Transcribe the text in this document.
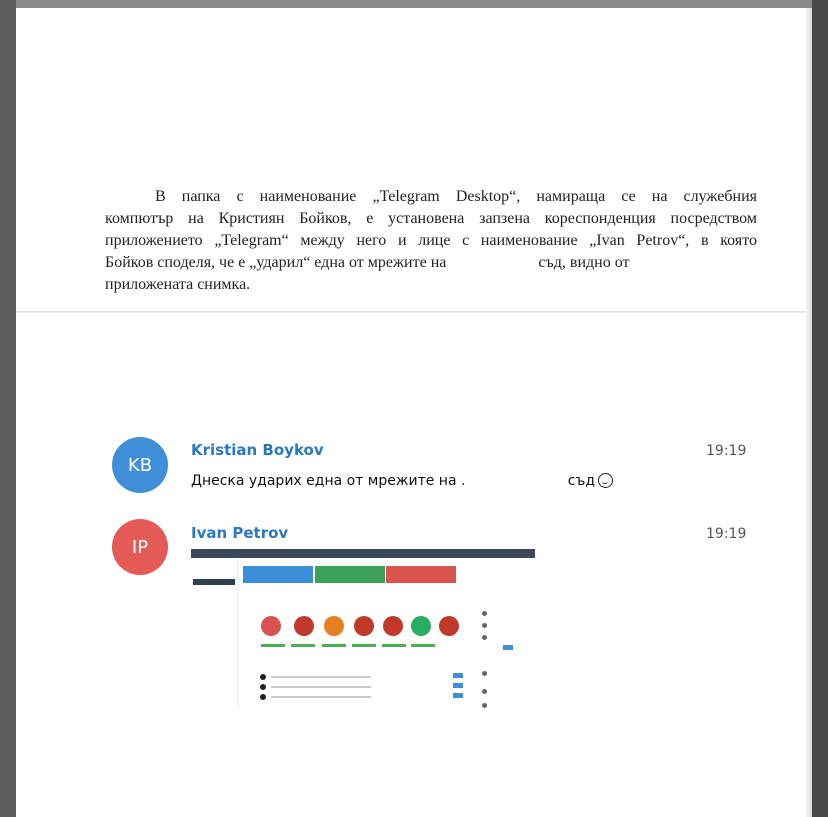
В папка с наименование „Telegram Desktop“, намираща се на служебния
компютър на Кристиян Бойков, е установена запзена кореспонденция посредством
приложението „Telegram“ между него и лице с наименование „Ivan Petrov“, в която
Бойков споделя, че е „ударил“ една от мрежите на                       съд, видно от
приложената снимка.
KB
Kristian Boykov	19:19
Днеска ударих една от мрежите на .                       съд
IP
Ivan Petrov	19:19
